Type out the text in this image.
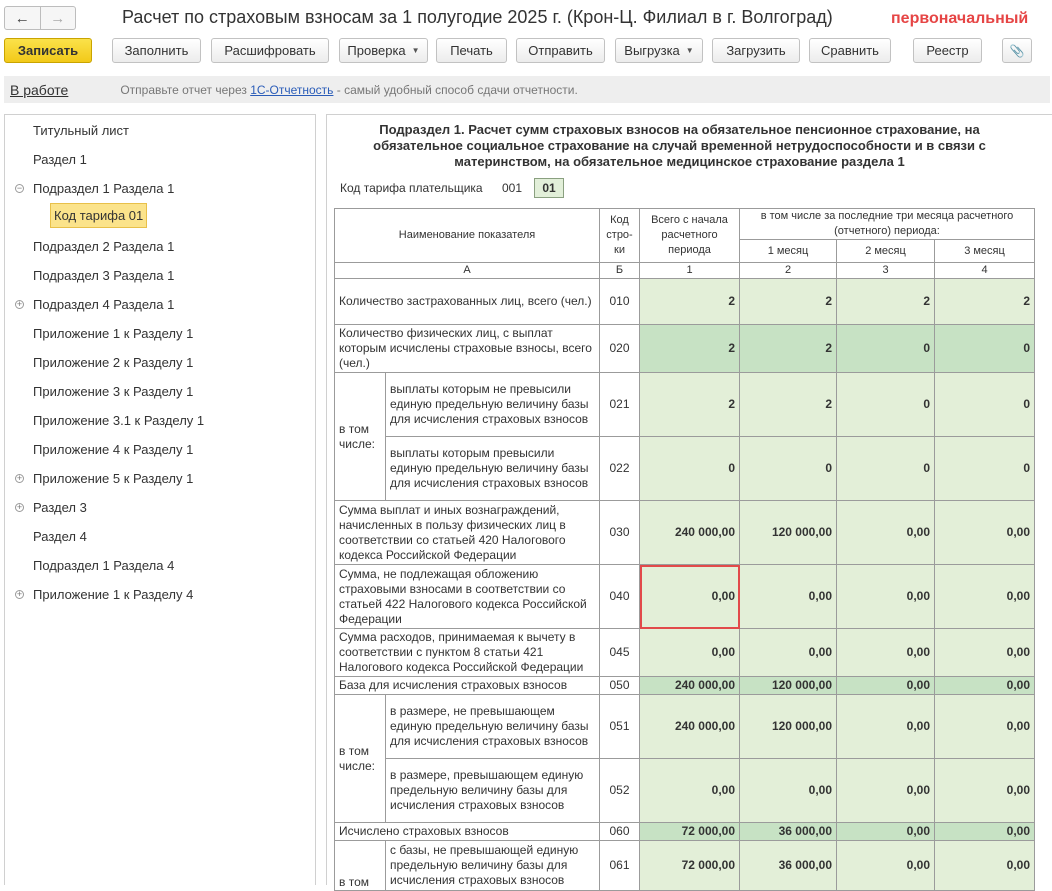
←	→	Расчет по страховым взносам за 1 полугодие 2025 г. (Крон-Ц. Филиал в г. Волгоград)	первоначальный
Записать	Заполнить	Расшифровать	Проверка ▼	Печать	Отправить	Выгрузка ▼	Загрузить	Сравнить	Реестр	📎
В работе	Отправьте отчет через 1С-Отчетность - самый удобный способ сдачи отчетности.
Титульный лист
Раздел 1
− Подраздел 1 Раздела 1
Код тарифа 01
Подраздел 2 Раздела 1
Подраздел 3 Раздела 1
+ Подраздел 4 Раздела 1
Приложение 1 к Разделу 1
Приложение 2 к Разделу 1
Приложение 3 к Разделу 1
Приложение 3.1 к Разделу 1
Приложение 4 к Разделу 1
+ Приложение 5 к Разделу 1
+ Раздел 3
Раздел 4
Подраздел 1 Раздела 4
+ Приложение 1 к Разделу 4
Подраздел 1. Расчет сумм страховых взносов на обязательное пенсионное страхование, на обязательное социальное страхование на случай временной нетрудоспособности и в связи с материнством, на обязательное медицинское страхование раздела 1
Код тарифа плательщика 001	01
Наименование показателя		Код стро-ки	Всего с начала расчетного периода	в том числе за последние три месяца расчетного (отчетного) периода:		
				1 месяц	2 месяц	3 месяц
А		Б	1	2	3	4
Количество застрахованных лиц, всего (чел.)		010	2	2	2	2
Количество физических лиц, с выплат которым исчислены страховые взносы, всего (чел.)		020	2	2	0	0
в том числе:	выплаты которым не превысили единую предельную величину базы для исчисления страховых взносов	021	2	2	0	0
	выплаты которым превысили единую предельную величину базы для исчисления страховых взносов	022	0	0	0	0
Сумма выплат и иных вознаграждений, начисленных в пользу физических лиц в соответствии со статьей 420 Налогового кодекса Российской Федерации		030	240 000,00	120 000,00	0,00	0,00
Сумма, не подлежащая обложению страховыми взносами в соответствии со статьей 422 Налогового кодекса Российской Федерации		040	0,00	0,00	0,00	0,00
Сумма расходов, принимаемая к вычету в соответствии с пунктом 8 статьи 421 Налогового кодекса Российской Федерации		045	0,00	0,00	0,00	0,00
База для исчисления страховых взносов		050	240 000,00	120 000,00	0,00	0,00
в том числе:	в размере, не превышающем единую предельную величину базы для исчисления страховых взносов	051	240 000,00	120 000,00	0,00	0,00
	в размере, превышающем единую предельную величину базы для исчисления страховых взносов	052	0,00	0,00	0,00	0,00
Исчислено страховых взносов		060	72 000,00	36 000,00	0,00	0,00
в том	с базы, не превышающей единую предельную величину базы для исчисления страховых взносов	061	72 000,00	36 000,00	0,00	0,00
